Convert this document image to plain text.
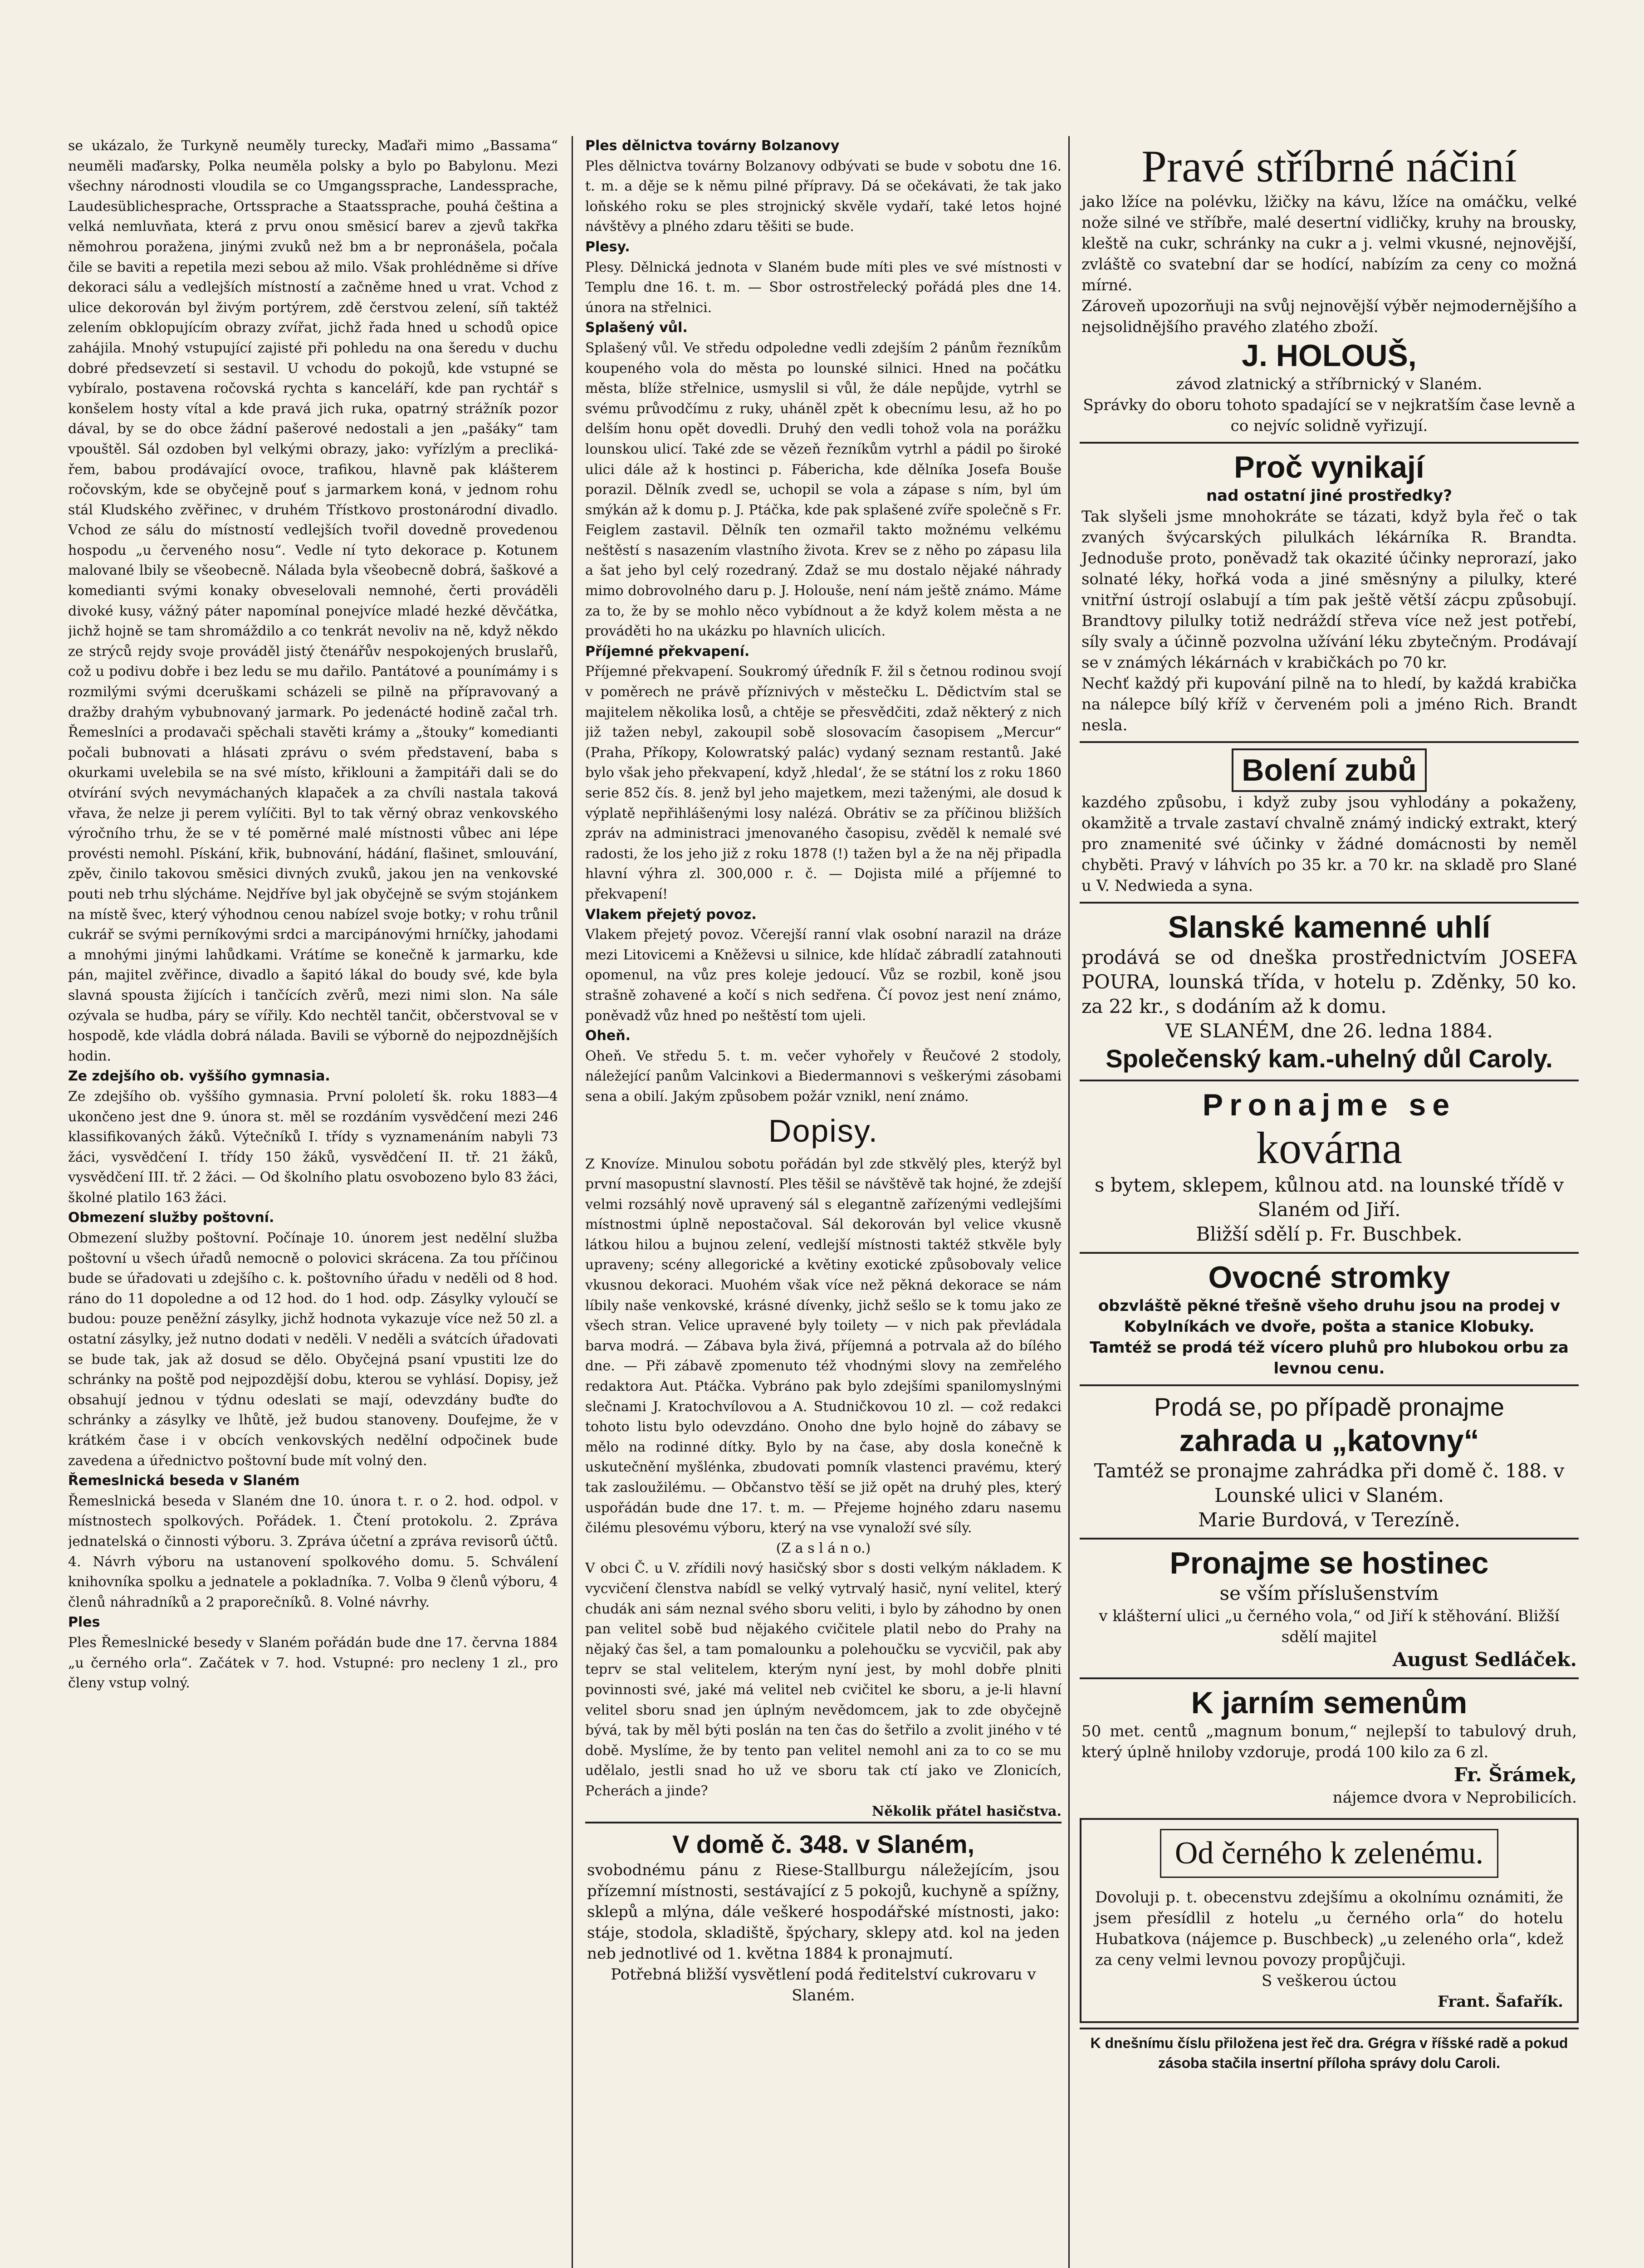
se ukázalo, že Turkyně neuměly turecky, Maďaři mimo „Bassama“ neuměli maďarsky, Polka neuměla polsky a bylo po Babylonu. Mezi všechny národnosti vloudila se co Umgangssprache, Landessprache, Laudesüblichesprache, Ortssprache a Staatssprache, pouhá čeština a velká nemluvňata, která z prvu onou směsicí barev a zjevů takřka němohrou poražena, jinými zvuků než bm a br nepronášela, počala čile se baviti a repetila mezi sebou až milo. Však prohlédněme si dříve dekoraci sálu a vedlejších místností a začněme hned u vrat. Vchod z ulice dekorován byl živým portýrem, zdě čerstvou zelení, síň taktéž zelením obklopujícím obrazy zvířat, jichž řada hned u schodů opice zahájila. Mnohý vstupující zajisté při pohledu na ona šeredu v duchu dobré předsevzetí si sestavil. U vchodu do pokojů, kde vstupné se vybíralo, postavena ročovská rychta s kanceláří, kde pan rychtář s konšelem hosty vítal a kde pravá jich ruka, opatrný strážník pozor dával, by se do obce žádní pašerové nedostali a jen „pašáky“ tam vpouštěl. Sál ozdoben byl velkými obrazy, jako: vyřízlým a preclikářem, babou prodávající ovoce, trafikou, hlavně pak klášterem ročovským, kde se obyčejně pouť s jarmarkem koná, v jednom rohu stál Kludského zvěřinec, v druhém Třístkovo prostonárodní divadlo. Vchod ze sálu do místností vedlejších tvořil dovedně provedenou hospodu „u červeného nosu“. Vedle ní tyto dekorace p. Kotunem malované lbily se všeobecně. Nálada byla všeobecně dobrá, šaškové a komedianti svými konaky obveselovali nemnohé, čerti prováděli divoké kusy, vážný páter napomínal ponejvíce mladé hezké děvčátka, jichž hojně se tam shromáždilo a co tenkrát nevoliv na ně, když někdo ze strýců rejdy svoje prováděl jistý čtenářův nespokojených bruslařů, což u podivu dobře i bez ledu se mu dařilo. Pantátové a pounímámy i s rozmilými svými dceruškami scházeli se pilně na přípravovaný a dražby drahým vybubnovaný jarmark. Po jedenácté hodině začal trh. Řemeslníci a prodavači spěchali stavěti krámy a „štouky“ komedianti počali bubnovati a hlásati zprávu o svém představení, baba s okurkami uvelebila se na své místo, křiklouni a žampitáři dali se do otvírání svých nevymáchaných klapaček a za chvíli nastala taková vřava, že nelze ji perem vylíčiti. Byl to tak věrný obraz venkovského výročního trhu, že se v té poměrné malé místnosti vůbec ani lépe provésti nemohl. Pískání, křik, bubnování, hádání, flašinet, smlouvání, zpěv, činilo takovou směsici divných zvuků, jakou jen na venkovské pouti neb trhu slýcháme. Nejdříve byl jak obyčejně se svým stojánkem na místě švec, který výhodnou cenou nabízel svoje botky; v rohu trůnil cukrář se svými perníkovými srdci a marcipánovými hrníčky, jahodami a mnohými jinými lahůdkami. Vrátíme se konečně k jarmarku, kde pán, majitel zvěřince, divadlo a šapitó lákal do boudy své, kde byla slavná spousta žijících i tančících zvěrů, mezi nimi slon. Na sále ozývala se hudba, páry se vířily. Kdo nechtěl tančit, občerstvoval se v hospodě, kde vládla dobrá nálada. Bavili se výborně do nejpozdnějších hodin.

Ze zdejšího ob. vyššího gymnasia.

Ze zdejšího ob. vyššího gymnasia. První pololetí šk. roku 1883—4 ukončeno jest dne 9. února st. měl se rozdáním vysvědčení mezi 246 klassifikovaných žáků. Výtečníků I. třídy s vyznamenáním nabyli 73 žáci, vysvědčení I. třídy 150 žáků, vysvědčení II. tř. 21 žáků, vysvědčení III. tř. 2 žáci. — Od školního platu osvobozeno bylo 83 žáci, školné platilo 163 žáci.

Obmezení služby poštovní.

Obmezení služby poštovní. Počínaje 10. únorem jest nedělní služba poštovní u všech úřadů nemocně o polovici skrácena. Za tou příčinou bude se úřadovati u zdejšího c. k. poštovního úřadu v neděli od 8 hod. ráno do 11 dopoledne a od 12 hod. do 1 hod. odp. Zásylky vyloučí se budou: pouze peněžní zásylky, jichž hodnota vykazuje více než 50 zl. a ostatní zásylky, jež nutno dodati v neděli. V neděli a svátcích úřadovati se bude tak, jak až dosud se dělo. Obyčejná psaní vpustiti lze do schránky na poště pod nejpozdější dobu, kterou se vyhlásí. Dopisy, jež obsahují jednou v týdnu odeslati se mají, odevzdány buďte do schránky a zásylky ve lhůtě, jež budou stanoveny. Doufejme, že v krátkém čase i v obcích venkovských nedělní odpočinek bude zavedena a úřednictvo poštovní bude mít volný den.

Řemeslnická beseda v Slaném

Řemeslnická beseda v Slaném dne 10. února t. r. o 2. hod. odpol. v místnostech spolkových. Pořádek. 1. Čtení protokolu. 2. Zpráva jednatelská o činnosti výboru. 3. Zpráva účetní a zpráva revisorů účtů. 4. Návrh výboru na ustanovení spolkového domu. 5. Schválení knihovníka spolku a jednatele a pokladníka. 7. Volba 9 členů výboru, 4 členů náhradníků a 2 praporečníků. 8. Volné návrhy.

Ples

Ples Řemeslnické besedy v Slaném pořádán bude dne 17. června 1884 „u černého orla“. Začátek v 7. hod. Vstupné: pro necleny 1 zl., pro členy vstup volný.

Ples dělnictva továrny Bolzanovy

Ples dělnictva továrny Bolzanovy odbývati se bude v sobotu dne 16. t. m. a děje se k němu pilné přípravy. Dá se očekávati, že tak jako loňského roku se ples strojnický skvěle vydaří, také letos hojné návštěvy a plného zdaru těšiti se bude.

Plesy.

Plesy. Dělnická jednota v Slaném bude míti ples ve své místnosti v Templu dne 16. t. m. — Sbor ostrostřelecký pořádá ples dne 14. února na střelnici.

Splašený vůl.

Splašený vůl. Ve středu odpoledne vedli zdejším 2 pánům řezníkům koupeného vola do města po lounské silnici. Hned na počátku města, blíže střelnice, usmyslil si vůl, že dále nepůjde, vytrhl se svému průvodčímu z ruky, uháněl zpět k obecnímu lesu, až ho po delším honu opět dovedli. Druhý den vedli tohož vola na porážku lounskou ulicí. Také zde se vězeň řezníkům vytrhl a pádil po široké ulici dále až k hostinci p. Fábericha, kde dělníka Josefa Bouše porazil. Dělník zvedl se, uchopil se vola a zápase s ním, byl úm smýkán až k domu p. J. Ptáčka, kde pak splašené zvíře společně s Fr. Feiglem zastavil. Dělník ten ozmařil takto možnému velkému neštěstí s nasazením vlastního života. Krev se z něho po zápasu lila a šat jeho byl celý rozedraný. Zdaž se mu dostalo nějaké náhrady mimo dobrovolného daru p. J. Holouše, není nám ještě známo. Máme za to, že by se mohlo něco vybídnout a že když kolem města a ne prováděti ho na ukázku po hlavních ulicích.

Příjemné překvapení.

Příjemné překvapení. Soukromý úředník F. žil s četnou rodinou svojí v poměrech ne právě příznivých v městečku L. Dědictvím stal se majitelem několika losů, a chtěje se přesvědčiti, zdaž některý z nich již tažen nebyl, zakoupil sobě slosovacím časopisem „Mercur“ (Praha, Příkopy, Kolowratský palác) vydaný seznam restantů. Jaké bylo však jeho překvapení, když ‚hledal‘, že se státní los z roku 1860 serie 852 čís. 8. jenž byl jeho majetkem, mezi taženými, ale dosud k výplatě nepřihlášenými losy nalézá. Obrátiv se za příčinou bližších zpráv na administraci jmenovaného časopisu, zvěděl k nemalé své radosti, že los jeho již z roku 1878 (!) tažen byl a že na něj připadla hlavní výhra zl. 300,000 r. č. — Dojista milé a příjemné to překvapení!

Vlakem přejetý povoz.

Vlakem přejetý povoz. Včerejší ranní vlak osobní narazil na dráze mezi Litovicemi a Kněževsi u silnice, kde hlídač zábradlí zatahnouti opomenul, na vůz pres koleje jedoucí. Vůz se rozbil, koně jsou strašně zohavené a kočí s nich sedřena. Čí povoz jest není známo, poněvadž vůz hned po neštěstí tom ujeli.

Oheň.

Oheň. Ve středu 5. t. m. večer vyhořely v Řeučové 2 stodoly, náležející panům Valcinkovi a Biedermannovi s veškerými zásobami sena a obilí. Jakým způsobem požár vznikl, není známo.

Dopisy.

Z Knovíze. Minulou sobotu pořádán byl zde stkvělý ples, kterýž byl první masopustní slavností. Ples těšil se návštěvě tak hojné, že zdejší velmi rozsáhlý nově upravený sál s elegantně zařízenými vedlejšími místnostmi úplně nepostačoval. Sál dekorován byl velice vkusně látkou hilou a bujnou zelení, vedlejší místnosti taktéž stkvěle byly upraveny; scény allegorické a květiny exotické způsobovaly velice vkusnou dekoraci. Muohém však více než pěkná dekorace se nám líbily naše venkovské, krásné dívenky, jichž sešlo se k tomu jako ze všech stran. Velice upravené byly toilety — v nich pak převládala barva modrá. — Zábava byla živá, příjemná a potrvala až do bílého dne. — Při zábavě zpomenuto též vhodnými slovy na zemřelého redaktora Aut. Ptáčka. Vybráno pak bylo zdejšími spanilomyslnými slečnami J. Kratochvílovou a A. Studničkovou 10 zl. — což redakci tohoto listu bylo odevzdáno. Onoho dne bylo hojně do zábavy se mělo na rodinné dítky. Bylo by na čase, aby dosla konečně k uskutečnění myšlénka, zbudovati pomník vlastenci pravému, který tak zasloužilému. — Občanstvo těší se již opět na druhý ples, který uspořádán bude dne 17. t. m. — Přejeme hojného zdaru nasemu čilému plesovému výboru, který na vse vynaloží své síly.

(Z a s l á n o.)

V obci Č. u V. zřídili nový hasičský sbor s dosti velkým nákladem. K vycvičení členstva nabídl se velký vytrvalý hasič, nyní velitel, který chudák ani sám neznal svého sboru veliti, i bylo by záhodno by onen pan velitel sobě bud nějakého cvičitele platil nebo do Prahy na nějaký čas šel, a tam pomalounku a polehoučku se vycvičil, pak aby teprv se stal velitelem, kterým nyní jest, by mohl dobře plniti povinnosti své, jaké má velitel neb cvičitel ke sboru, a je-li hlavní velitel sboru snad jen úplným nevědomcem, jak to zde obyčejně bývá, tak by měl býti poslán na ten čas do šetřilo a zvolit jiného v té době. Myslíme, že by tento pan velitel nemohl ani za to co se mu udělalo, jestli snad ho už ve sboru tak ctí jako ve Zlonicích, Pcherách a jinde?

Několik přátel hasičstva.

V domě č. 348. v Slaném,
svobodnému pánu z Riese-Stallburgu náležejícím, jsou přízemní místnosti, sestávající z 5 pokojů, kuchyně a spížny, sklepů a mlýna, dále veškeré hospodářské místnosti, jako: stáje, stodola, skladiště, špýchary, sklepy atd. kol na jeden neb jednotlivé od 1. května 1884 k pronajmutí.
Potřebná bližší vysvětlení podá ředitelství cukrovaru v Slaném.
Pravé stříbrné náčiní
jako lžíce na polévku, lžičky na kávu, lžíce na omáčku, velké nože silné ve stříbře, malé desertní vidličky, kruhy na brousky, kleště na cukr, schránky na cukr a j. velmi vkusné, nejnovější, zvláště co svatební dar se hodící, nabízím za ceny co možná mírné.
Zároveň upozorňuji na svůj nejnovější výběr nejmodernějšího a nejsolidnějšího pravého zlatého zboží.
J. HOLOUŠ,
závod zlatnický a stříbrnický v Slaném.
Správky do oboru tohoto spadající se v nejkratším čase levně a co nejvíc solidně vyřizují.
Proč vynikají
nad ostatní jiné prostředky?
Tak slyšeli jsme mnohokráte se tázati, když byla řeč o tak zvaných švýcarských pilulkách lékárníka R. Brandta. Jednoduše proto, poněvadž tak okazité účinky neprorazí, jako solnaté léky, hořká voda a jiné směsnýny a pilulky, které vnitřní ústrojí oslabují a tím pak ještě větší zácpu způsobují. Brandtovy pilulky totiž nedráždí střeva více než jest potřebí, síly svaly a účinně pozvolna užívání léku zbytečným. Prodávají se v známých lékárnách v krabičkách po 70 kr.
Nechť každý při kupování pilně na to hledí, by každá krabička na nálepce bílý kříž v červeném poli a jméno Rich. Brandt nesla.
Bolení zubů
kazdého způsobu, i když zuby jsou vyhlodány a pokaženy, okamžitě a trvale zastaví chvalně známý indický extrakt, který pro znamenité své účinky v žádné domácnosti by neměl chyběti. Pravý v láhvích po 35 kr. a 70 kr. na skladě pro Slané u V. Nedwieda a syna.
Slanské kamenné uhlí
prodává se od dneška prostřednictvím JOSEFA POURA, lounská třída, v hotelu p. Zděnky, 50 ko. za 22 kr., s dodáním až k domu.
VE SLANÉM, dne 26. ledna 1884.
Společenský kam.-uhelný důl Caroly.
Pronajme se
kovárna
s bytem, sklepem, kůlnou atd. na lounské třídě v Slaném od Jiří.
Bližší sdělí p. Fr. Buschbek.
Ovocné stromky
obzvláště pěkné třešně všeho druhu jsou na prodej v Kobylníkách ve dvoře, pošta a stanice Klobuky.
Tamtéž se prodá též vícero pluhů pro hlubokou orbu za levnou cenu.
Prodá se, po případě pronajme
zahrada u „katovny“
Tamtéž se pronajme zahrádka při domě č. 188. v Lounské ulici v Slaném.
Marie Burdová, v Terezíně.
Pronajme se hostinec
se vším příslušenstvím
v klášterní ulici „u černého vola,“ od Jiří k stěhování. Bližší sdělí majitel
August Sedláček.
K jarním semenům
50 met. centů „magnum bonum,“ nejlepší to tabulový druh, který úplně hniloby vzdoruje, prodá 100 kilo za 6 zl.
Fr. Šrámek,
nájemce dvora v Neprobilicích.
Od černého k zelenému.
Dovoluji p. t. obecenstvu zdejšímu a okolnímu oznámiti, že jsem přesídlil z hotelu „u černého orla“ do hotelu Hubatkova (nájemce p. Buschbeck) „u zeleného orla“, kdež za ceny velmi levnou povozy propůjčuji.
S veškerou úctou
Frant. Šafařík.
K dnešnímu číslu přiložena jest řeč dra. Grégra v říšské radě a pokud zásoba stačila insertní příloha správy dolu Caroli.
